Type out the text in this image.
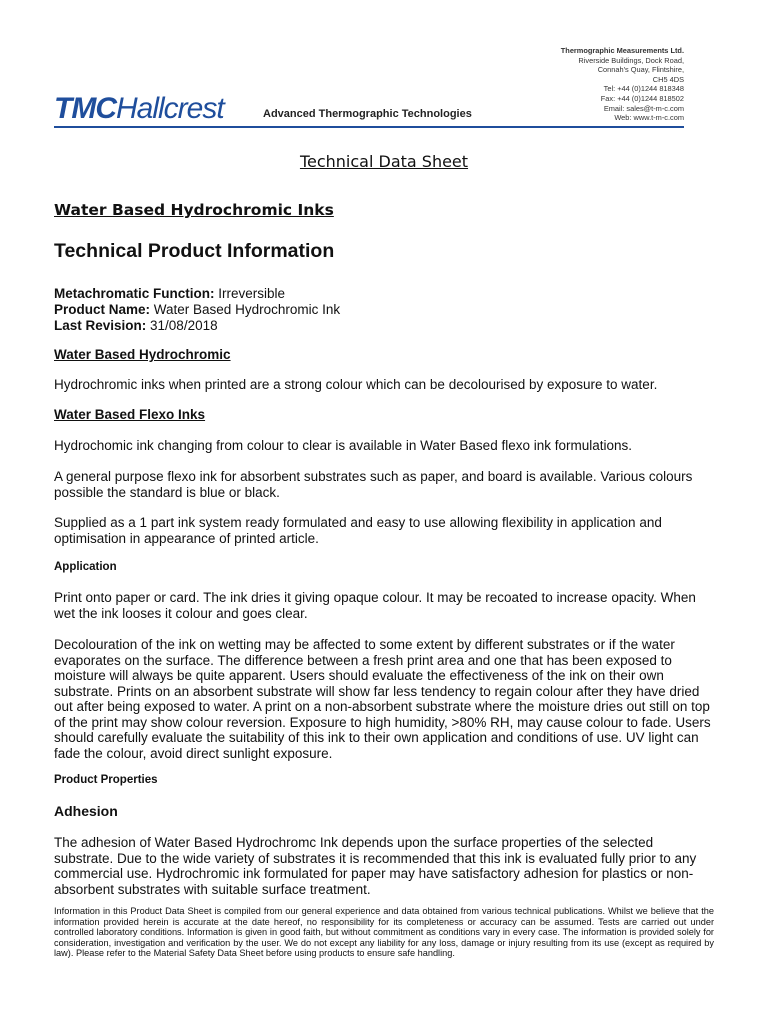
TMCHallcrest	Advanced Thermographic Technologies
Thermographic Measurements Ltd.
Riverside Buildings, Dock Road,
Connah's Quay, Flintshire,
CH5 4DS
Tel: +44 (0)1244 818348
Fax: +44 (0)1244 818502
Email: sales@t-m-c.com
Web: www.t-m-c.com
Technical Data Sheet
Water Based Hydrochromic Inks
Technical Product Information
Metachromatic Function: Irreversible
Product Name: Water Based Hydrochromic Ink
Last Revision: 31/08/2018
Water Based Hydrochromic
Hydrochromic inks when printed are a strong colour which can be decolourised by exposure to water.
Water Based Flexo Inks
Hydrochomic ink changing from colour to clear is available in Water Based flexo ink formulations.
A general purpose flexo ink for absorbent substrates such as paper, and board is available. Various colours possible the standard is blue or black.
Supplied as a 1 part ink system ready formulated and easy to use allowing flexibility in application and optimisation in appearance of printed article.
Application
Print onto paper or card. The ink dries it giving opaque colour. It may be recoated to increase opacity. When wet the ink looses it colour and goes clear.
Decolouration of the ink on wetting may be affected to some extent by different substrates or if the water evaporates on the surface. The difference between a fresh print area and one that has been exposed to moisture will always be quite apparent. Users should evaluate the effectiveness of the ink on their own substrate. Prints on an absorbent substrate will show far less tendency to regain colour after they have dried out after being exposed to water. A print on a non-absorbent substrate where the moisture dries out still on top of the print may show colour reversion. Exposure to high humidity, >80% RH, may cause colour to fade. Users should carefully evaluate the suitability of this ink to their own application and conditions of use. UV light can fade the colour, avoid direct sunlight exposure.
Product Properties
Adhesion
The adhesion of Water Based Hydrochromc Ink depends upon the surface properties of the selected substrate. Due to the wide variety of substrates it is recommended that this ink is evaluated fully prior to any commercial use. Hydrochromic ink formulated for paper may have satisfactory adhesion for plastics or non-absorbent substrates with suitable surface treatment.
Information in this Product Data Sheet is compiled from our general experience and data obtained from various technical publications. Whilst we believe that the information provided herein is accurate at the date hereof, no responsibility for its completeness or accuracy can be assumed. Tests are carried out under controlled laboratory conditions. Information is given in good faith, but without commitment as conditions vary in every case. The information is provided solely for consideration, investigation and verification by the user. We do not except any liability for any loss, damage or injury resulting from its use (except as required by law). Please refer to the Material Safety Data Sheet before using products to ensure safe handling.
